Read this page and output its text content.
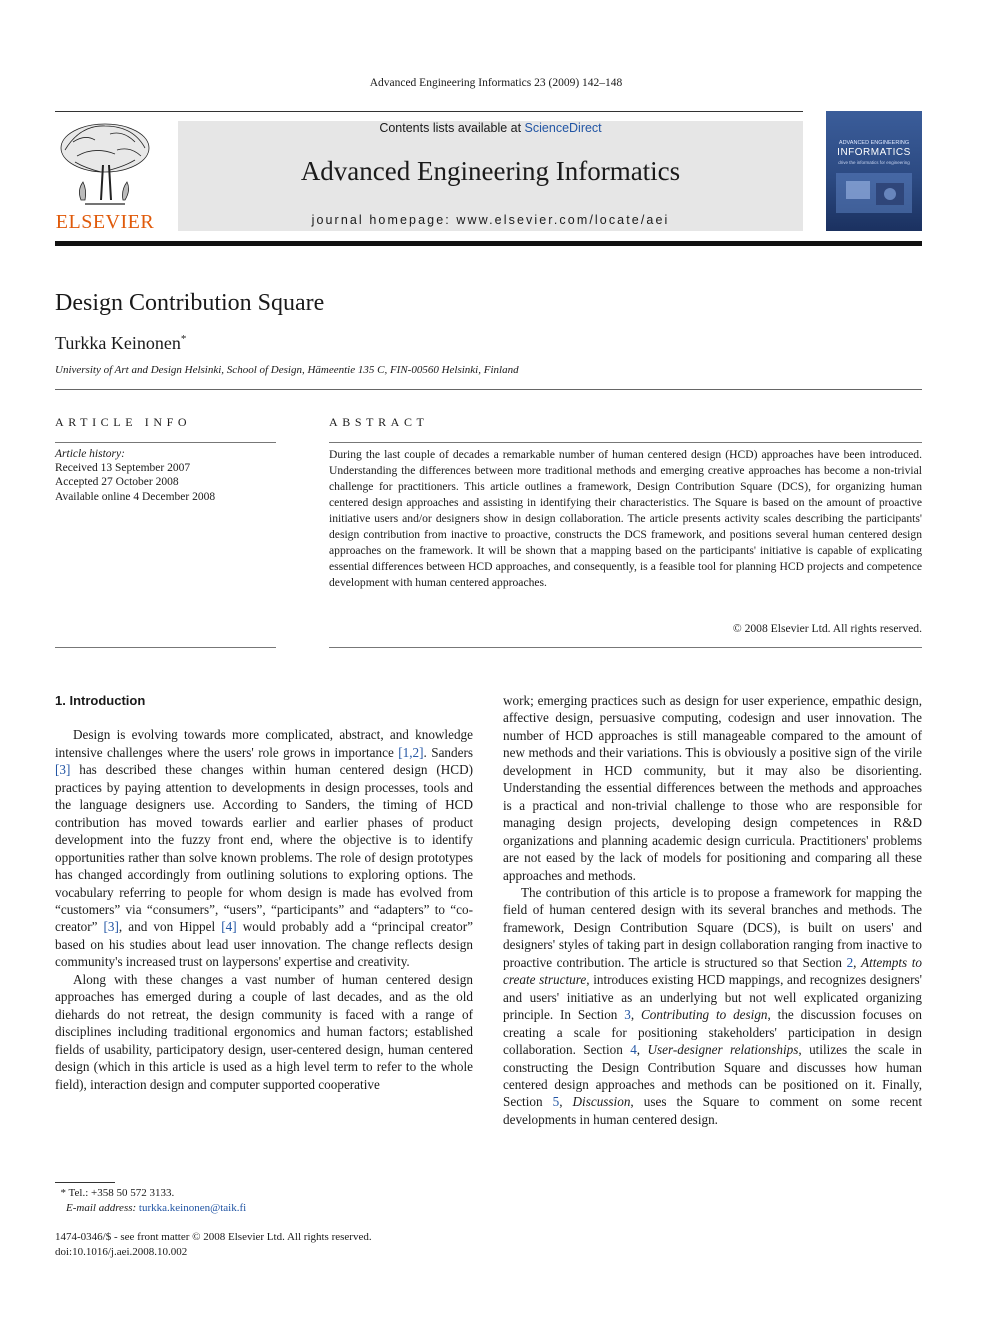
Advanced Engineering Informatics 23 (2009) 142–148
ELSEVIER
Contents lists available at ScienceDirect
Advanced Engineering Informatics
journal homepage: www.elsevier.com/locate/aei
ADVANCED ENGINEERING
INFORMATICS
drive the informatics for engineering
Design Contribution Square
Turkka Keinonen*
University of Art and Design Helsinki, School of Design, Hämeentie 135 C, FIN-00560 Helsinki, Finland
ARTICLE INFO	ABSTRACT
Article history:
Received 13 September 2007
Accepted 27 October 2008
Available online 4 December 2008
During the last couple of decades a remarkable number of human centered design (HCD) approaches have been introduced. Understanding the differences between more traditional methods and emerging creative approaches has become a non-trivial challenge for practitioners. This article outlines a framework, Design Contribution Square (DCS), for organizing human centered design approaches and assisting in identifying their characteristics. The Square is based on the amount of proactive initiative users and/or designers show in design collaboration. The article presents activity scales describing the participants' design contribution from inactive to proactive, constructs the DCS framework, and positions several human centered design approaches on the framework. It will be shown that a mapping based on the participants' initiative is capable of explicating essential differences between HCD approaches, and consequently, is a feasible tool for planning HCD projects and competence development with human centered approaches.
© 2008 Elsevier Ltd. All rights reserved.
1. Introduction

Design is evolving towards more complicated, abstract, and knowledge intensive challenges where the users' role grows in importance [1,2]. Sanders [3] has described these changes within human centered design (HCD) practices by paying attention to developments in design processes, tools and the language designers use. According to Sanders, the timing of HCD contribution has moved towards earlier and earlier phases of product development into the fuzzy front end, where the objective is to identify opportunities rather than solve known problems. The role of design prototypes has changed accordingly from outlining solutions to exploring options. The vocabulary referring to people for whom design is made has evolved from “customers” via “consumers”, “users”, “participants” and “adapters” to “co-creator” [3], and von Hippel [4] would probably add a “principal creator” based on his studies about lead user innovation. The change reflects design community's increased trust on laypersons' expertise and creativity.

Along with these changes a vast number of human centered design approaches has emerged during a couple of last decades, and as the old diehards do not retreat, the design community is faced with a range of disciplines including traditional ergonomics and human factors; established fields of usability, participatory design, user-centered design, human centered design (which in this article is used as a high level term to refer to the whole field), interaction design and computer supported cooperative

work; emerging practices such as design for user experience, empathic design, affective design, persuasive computing, codesign and user innovation. The number of HCD approaches is still manageable compared to the amount of new methods and their variations. This is obviously a positive sign of the virile development in HCD community, but it may also be disorienting. Understanding the essential differences between the methods and approaches is a practical and non-trivial challenge to those who are responsible for managing design projects, developing design competences in R&D organizations and planning academic design curricula. Practitioners' problems are not eased by the lack of models for positioning and comparing all these approaches and methods.

The contribution of this article is to propose a framework for mapping the field of human centered design with its several branches and methods. The framework, Design Contribution Square (DCS), is built on users' and designers' styles of taking part in design collaboration ranging from inactive to proactive contribution. The article is structured so that Section 2, Attempts to create structure, introduces existing HCD mappings, and recognizes designers' and users' initiative as an underlying but not well explicated organizing principle. In Section 3, Contributing to design, the discussion focuses on creating a scale for positioning stakeholders' participation in design collaboration. Section 4, User-designer relationships, utilizes the scale in constructing the Design Contribution Square and discusses how human centered design approaches and methods can be positioned on it. Finally, Section 5, Discussion, uses the Square to comment on some recent developments in human centered design.

* Tel.: +358 50 572 3133.
E-mail address: turkka.keinonen@taik.fi
1474-0346/$ - see front matter © 2008 Elsevier Ltd. All rights reserved.
doi:10.1016/j.aei.2008.10.002
